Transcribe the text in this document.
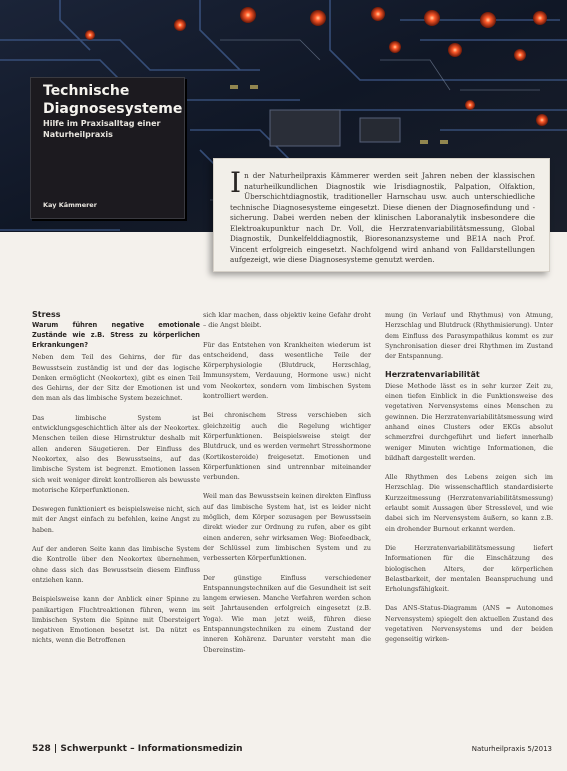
Technische
Diagnosesysteme
Hilfe im Praxisalltag einer Naturheilpraxis
Kay Kämmerer

In der Naturheilpraxis Kämmerer werden seit Jahren neben der klassischen naturheilkundlichen Diagnostik wie Irisdiagnostik, Palpation, Olfaktion, Überschichtdiagnostik, traditioneller Harnschau usw. auch unterschiedliche technische Diagnosesysteme eingesetzt. Diese dienen der Diagnosefindung und -sicherung. Dabei werden neben der klinischen Laboranalytik insbesondere die Elektroakupunktur nach Dr. Voll, die Herzratenvariabilitätsmessung, Global Diagnostik, Dunkelfelddiagnostik, Bioresonanzsysteme und BE1A nach Prof. Vincent erfolgreich eingesetzt. Nachfolgend wird anhand von Falldarstellungen aufgezeigt, wie diese Diagnosesysteme genutzt werden.

Stress
Warum führen negative emotionale Zustände wie z.B. Stress zu körperlichen Erkrankungen?

Neben dem Teil des Gehirns, der für das Bewusstsein zuständig ist und der das logische Denken ermöglicht (Neokortex), gibt es einen Teil des Gehirns, der der Sitz der Emotionen ist und den man als das limbische System bezeichnet.

Das limbische System ist entwicklungsgeschichtlich älter als der Neokortex. Menschen teilen diese Hirnstruktur deshalb mit allen anderen Säugetieren. Der Einfluss des Neokortex, also des Bewusstseins, auf das limbische System ist begrenzt. Emotionen lassen sich weit weniger direkt kontrollieren als bewusste motorische Körperfunktionen.

Deswegen funktioniert es beispielsweise nicht, sich mit der Angst einfach zu befehlen, keine Angst zu haben.

Auf der anderen Seite kann das limbische System die Kontrolle über den Neokortex übernehmen, ohne dass sich das Bewusstsein diesem Einfluss entziehen kann.

Beispielsweise kann der Anblick einer Spinne zu panikartigen Fluchtreaktionen führen, wenn im limbischen System die Spinne mit Übersteigert negativen Emotionen besetzt ist. Da nützt es nichts, wenn die Betroffenen

sich klar machen, dass objektiv keine Gefahr droht – die Angst bleibt.

Für das Entstehen von Krankheiten wiederum ist entscheidend, dass wesentliche Teile der Körperphysiologie (Blutdruck, Herzschlag, Immunsystem, Verdauung, Hormone usw.) nicht vom Neokortex, sondern vom limbischen System kontrolliert werden.

Bei chronischem Stress verschieben sich gleichzeitig auch die Regelung wichtiger Körperfunktionen. Beispielsweise steigt der Blutdruck, und es werden vermehrt Stresshormone (Kortikosteroide) freigesetzt. Emotionen und Körperfunktionen sind untrennbar miteinander verbunden.

Weil man das Bewusstsein keinen direkten Einfluss auf das limbische System hat, ist es leider nicht möglich, dem Körper sozusagen per Bewusstsein direkt wieder zur Ordnung zu rufen, aber es gibt einen anderen, sehr wirksamen Weg: Biofeedback, der Schlüssel zum limbischen System und zu verbesserten Körperfunktionen.

Der günstige Einfluss verschiedener Entspannungstechniken auf die Gesundheit ist seit langem erwiesen. Manche Verfahren werden schon seit Jahrtausenden erfolgreich eingesetzt (z.B. Yoga). Wie man jetzt weiß, führen diese Entspannungstechniken zu einem Zustand der inneren Kohärenz. Darunter versteht man die Übereinstim-

mung (in Verlauf und Rhythmus) von Atmung, Herzschlag und Blutdruck (Rhythmisierung). Unter dem Einfluss des Parasympathikus kommt es zur Synchronisation dieser drei Rhythmen im Zustand der Entspannung.

Herzratenvariabilität

Diese Methode lässt es in sehr kurzer Zeit zu, einen tiefen Einblick in die Funktionsweise des vegetativen Nervensystems eines Menschen zu gewinnen. Die Herzratenvariabilitätsmessung wird anhand eines Clusters oder EKGs absolut schmerzfrei durchgeführt und liefert innerhalb weniger Minuten wichtige Informationen, die bildhaft dargestellt werden.

Alle Rhythmen des Lebens zeigen sich im Herzschlag. Die wissenschaftlich standardisierte Kurzzeitmessung (Herzratenvariabilitätsmessung) erlaubt somit Aussagen über Stresslevel, und wie dabei sich im Nervensystem äußern, so kann z.B. ein drohender Burnout erkannt werden.

Die Herzratenvariabilitätsmessung liefert Informationen für die Einschätzung des biologischen Alters, der körperlichen Belastbarkeit, der mentalen Beanspruchung und Erholungsfähigkeit.

Das ANS-Status-Diagramm (ANS = Autonomes Nervensystem) spiegelt den aktuellen Zustand des vegetativen Nervensystems und der beiden gegenseitig wirken-

528 | Schwerpunkt – Informationsmedizin	Naturheilpraxis 5/2013
